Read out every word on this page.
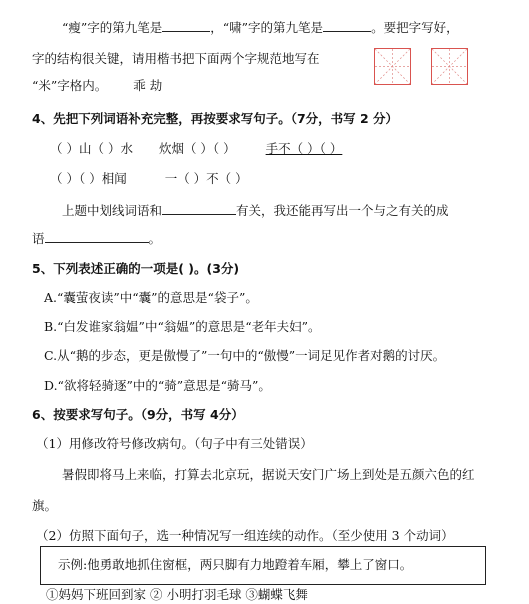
“瘦”字的第九笔是	，“啸”字的第九笔是	。要把字写好，
字的结构很关键，请用楷书把下面两个字规范地写在
“米”字格内。 乖 劫
4、先把下列词语补充完整，再按要求写句子。（7分，书写 2 分）
（ ）山（ ）水 炊烟（ ）（ ） 手不（ ）（ ）
（ ）（ ）相闻	一（ ）不（ ）
上题中划线词语和	有关，我还能再写出一个与之有关的成
语	。
5、下列表述正确的一项是( )。(3分)
A.“囊萤夜读”中“囊”的意思是“袋子”。
B.“白发谁家翁媪”中“翁媪”的意思是“老年夫妇”。
C.从“鹅的步态，更是傲慢了”一句中的“傲慢”一词足见作者对鹅的讨厌。
D.“欲将轻骑逐”中的“骑”意思是“骑马”。
6、按要求写句子。（9分，书写 4分）
（1）用修改符号修改病句。（句子中有三处错误）
暑假即将马上来临，打算去北京玩，据说天安门广场上到处是五颜六色的红
旗。
（2）仿照下面句子，选一种情况写一组连续的动作。（至少使用 3 个动词）
示例:他勇敢地抓住窗框，两只脚有力地蹬着车厢，攀上了窗口。
①妈妈下班回到家 ② 小明打羽毛球 ③蝴蝶飞舞
